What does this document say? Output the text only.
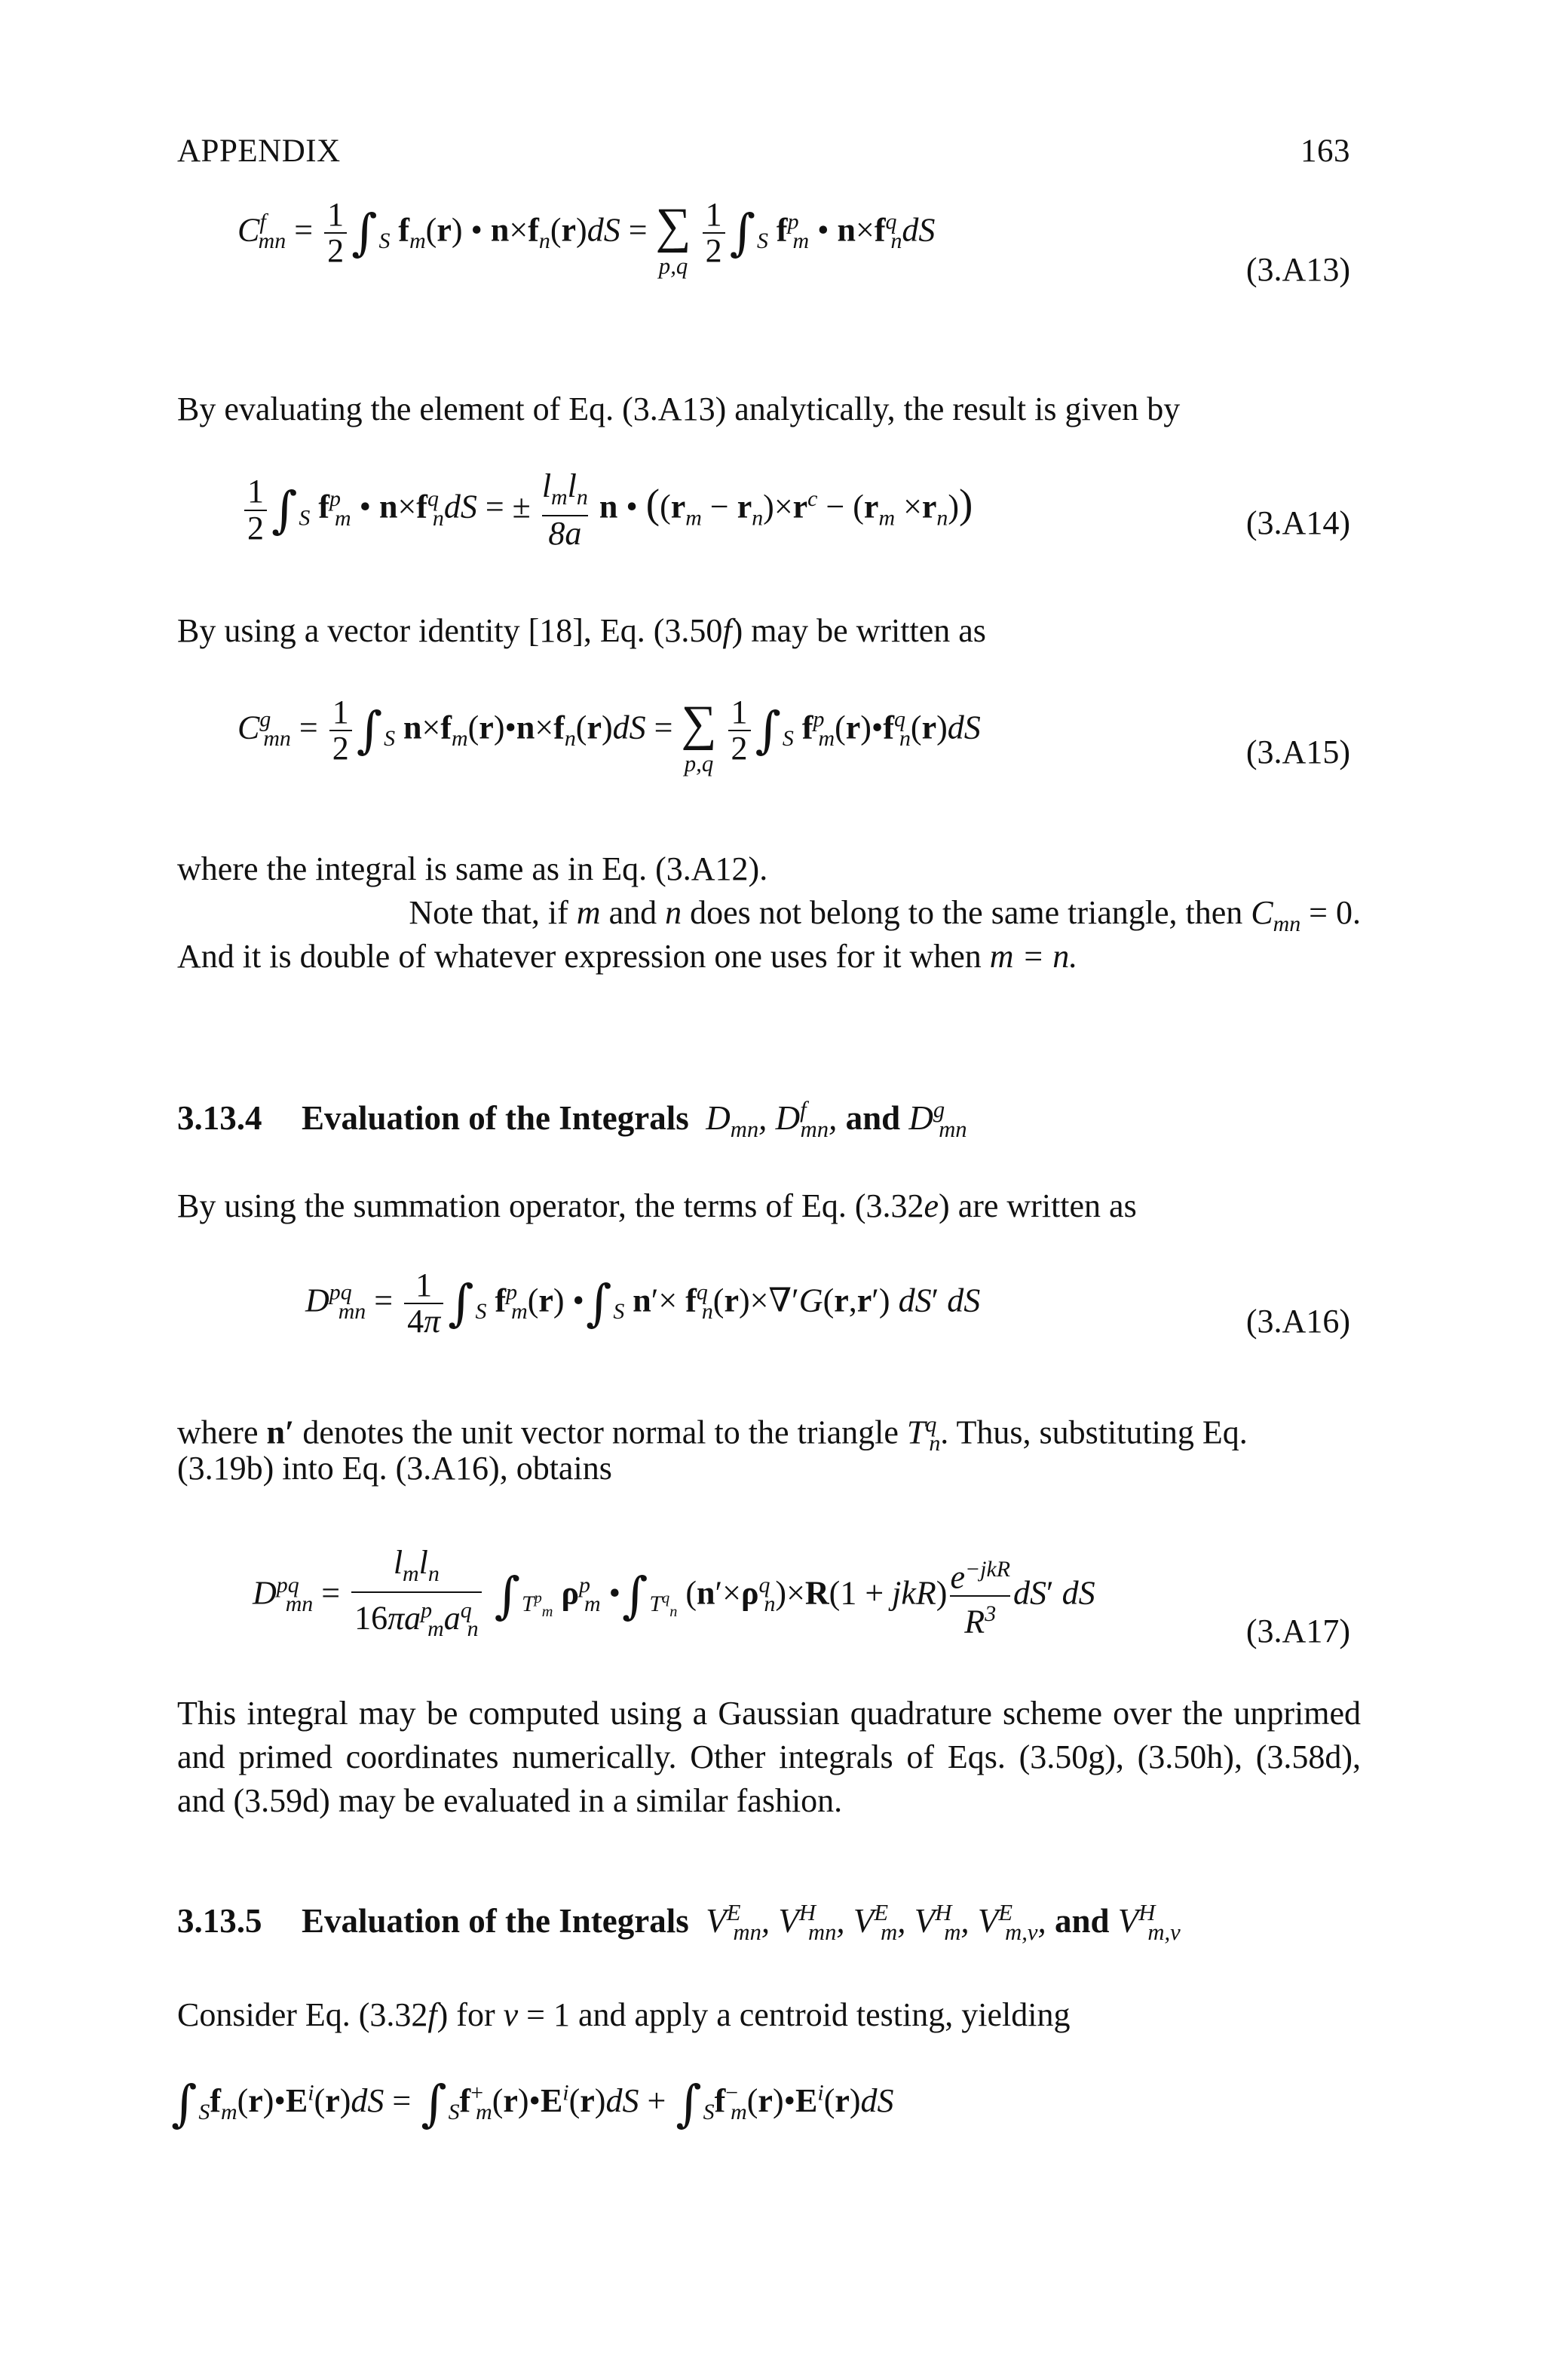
APPENDIX	163
$C^f_{mn} = \frac{1}{2} \int_S$ $f_m(r)$ • $n\times f_n(r)dS$ = ∑
p,q
$\frac{1}{2} \int_S$ $f^p_m$ • $n\times f^q_ndS$
(3.A13)
By evaluating the element of Eq. (3.A13) analytically, the result is given by
$\frac{1}{2} \int_S$ $f^p_m$ • $n\times f^q_ndS$ = ± $\frac{l_ml_n}{8a}$ n • $((r_m - r_n)\times r^c - (r_m \times r_n))$	(3.A14)
By using a vector identity [18], Eq. (3.50f) may be written as
$C^g_{mn} = \frac{1}{2} \int_S$ $n\times f_m(r)•n\times f_n(r)dS$ = ∑
p,q
$\frac{1}{2} \int_S$ $f^p_m(r)•f^q_n(r)dS$
(3.A15)
where the integral is same as in Eq. (3.A12).
Note that, if m and n does not belong to the same triangle, then $C_{mn} = 0$.
And it is double of whatever expression one uses for it when m = n.
3.13.4 Evaluation of the Integrals  $D_{mn}$, $D^f_{mn}$, and $D^g_{mn}$
By using the summation operator, the terms of Eq. (3.32e) are written as
$D^{pq}_{mn} = \frac{1}{4\pi} \int_S$ $f^p_m(r)$ $•\int_S$ $n'\times f^q_n(r)\times\nabla'G(r,r')$ dS′ dS
(3.A16)
where n′ denotes the unit vector normal to the triangle $T^q_n$. Thus, substituting Eq.
(3.19b) into Eq. (3.A16), obtains
$D^{pq}_{mn} = \frac{l_ml_n}{16\pi a^p_ma^q_n} \int_{T^p_m}$ $\rho^p_m$ $•\int_{T^q_n}$ $(n'\times\rho^q_n)\times R(1 + jkR) \frac{e^{-jkR}}{R^3} dS'$ dS
(3.A17)
This integral may be computed using a Gaussian quadrature scheme over the unprimed and primed coordinates numerically. Other integrals of Eqs. (3.50g), (3.50h), (3.58d), and (3.59d) may be evaluated in a similar fashion.
3.13.5 Evaluation of the Integrals  $V^E_{mn}$, $V^H_{mn}$, $V^E_m$, $V^H_m$, $V^E_{m,v}$, and $V^H_{m,v}$
Consider Eq. (3.32f) for v = 1 and apply a centroid testing, yielding
$\int_Sf_m(r)•E^i(r)dS$ = $\int_Sf^+_m(r)•E^i(r)dS$ + $\int_Sf^-_m(r)•E^i(r)dS$
